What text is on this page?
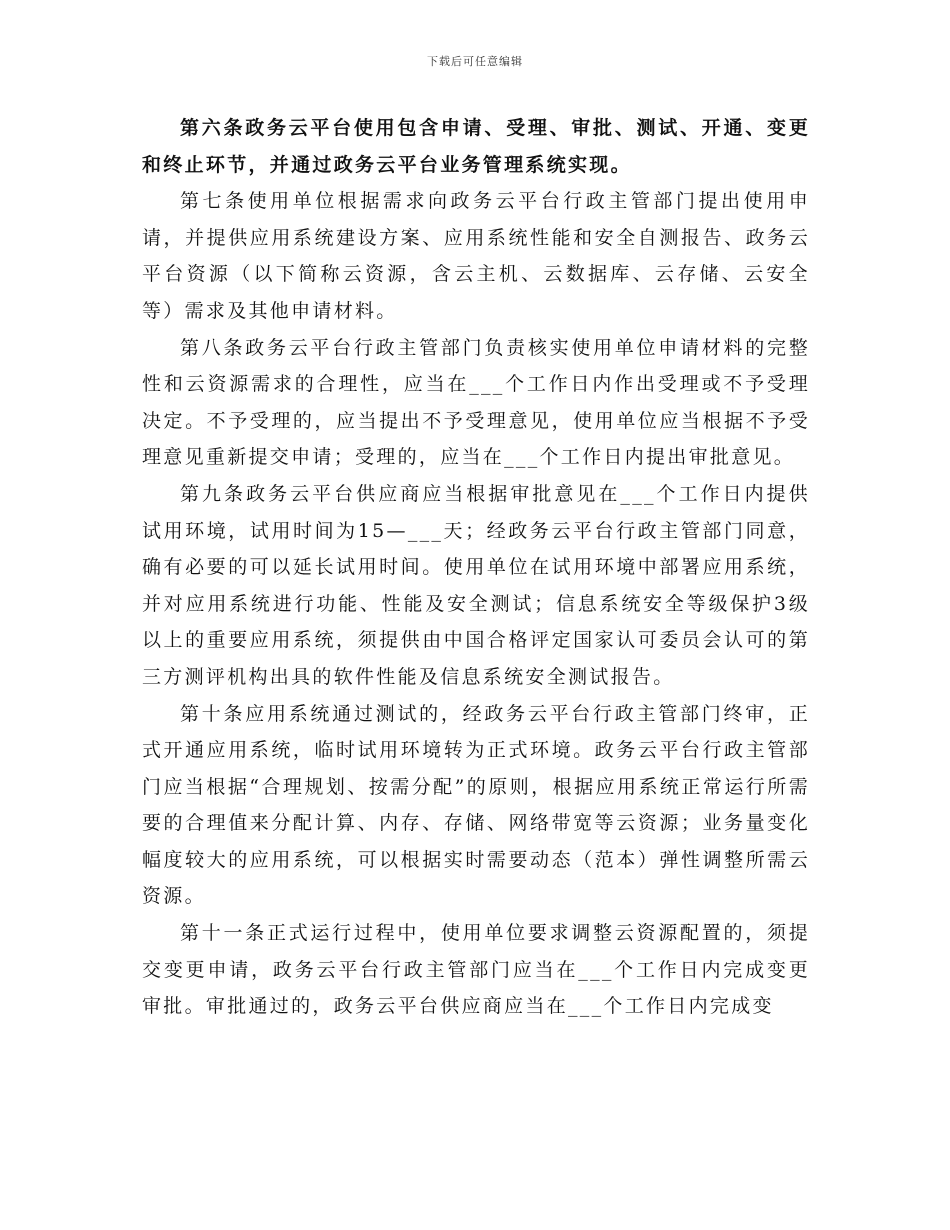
下载后可任意编辑

第六条政务云平台使用包含申请、受理、审批、测试、开通、变更和终止环节，并通过政务云平台业务管理系统实现。

第七条使用单位根据需求向政务云平台行政主管部门提出使用申请，并提供应用系统建设方案、应用系统性能和安全自测报告、政务云平台资源（以下简称云资源，含云主机、云数据库、云存储、云安全等）需求及其他申请材料。

第八条政务云平台行政主管部门负责核实使用单位申请材料的完整性和云资源需求的合理性，应当在___个工作日内作出受理或不予受理决定。不予受理的，应当提出不予受理意见，使用单位应当根据不予受理意见重新提交申请；受理的，应当在___个工作日内提出审批意见。

第九条政务云平台供应商应当根据审批意见在___个工作日内提供试用环境，试用时间为15—___天；经政务云平台行政主管部门同意，确有必要的可以延长试用时间。使用单位在试用环境中部署应用系统，并对应用系统进行功能、性能及安全测试；信息系统安全等级保护3级以上的重要应用系统，须提供由中国合格评定国家认可委员会认可的第三方测评机构出具的软件性能及信息系统安全测试报告。

第十条应用系统通过测试的，经政务云平台行政主管部门终审，正式开通应用系统，临时试用环境转为正式环境。政务云平台行政主管部门应当根据“合理规划、按需分配”的原则，根据应用系统正常运行所需要的合理值来分配计算、内存、存储、网络带宽等云资源；业务量变化幅度较大的应用系统，可以根据实时需要动态（范本）弹性调整所需云资源。

第十一条正式运行过程中，使用单位要求调整云资源配置的，须提交变更申请，政务云平台行政主管部门应当在___个工作日内完成变更审批。审批通过的，政务云平台供应商应当在___个工作日内完成变
